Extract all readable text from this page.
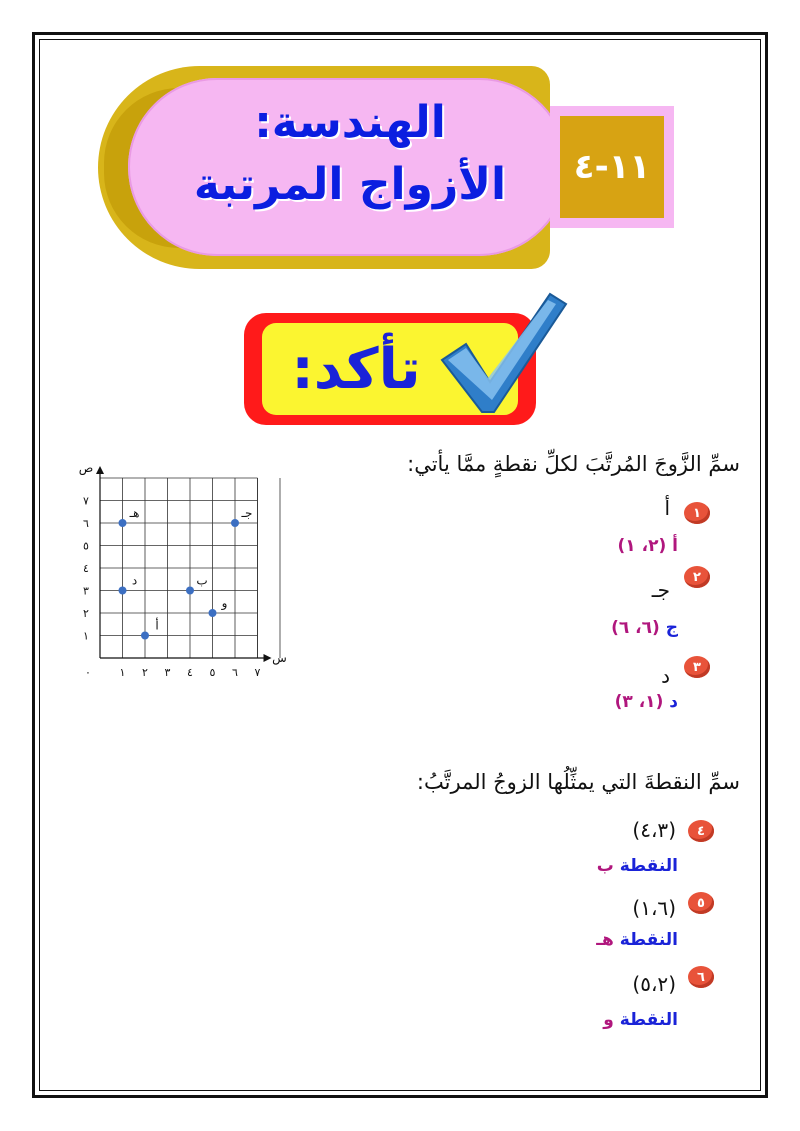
الهندسة:
الأزواج المرتبة	١١-٤
تأكد:
سمِّ الزَّوجَ المُرتَّبَ لكلِّ نقطةٍ ممَّا يأتي:
١
أ
أ (٢، ١)
٢
جـ
ج (٦، ٦)
٣
د
د (١، ٣)
سمِّ النقطةَ التي يمثِّلُها الزوجُ المرتَّبُ:
٤
(٤،٣)
النقطة ب
٥
(١،٦)
النقطة هـ
٦
(٥،٢)
النقطة و
ص
س
١
٢
٣
٤
٥
٦
٧
١ ٢ ٣ ٤ ٥ ٦ ٧
٠
أ
ب
جـ
د
هـ
و
